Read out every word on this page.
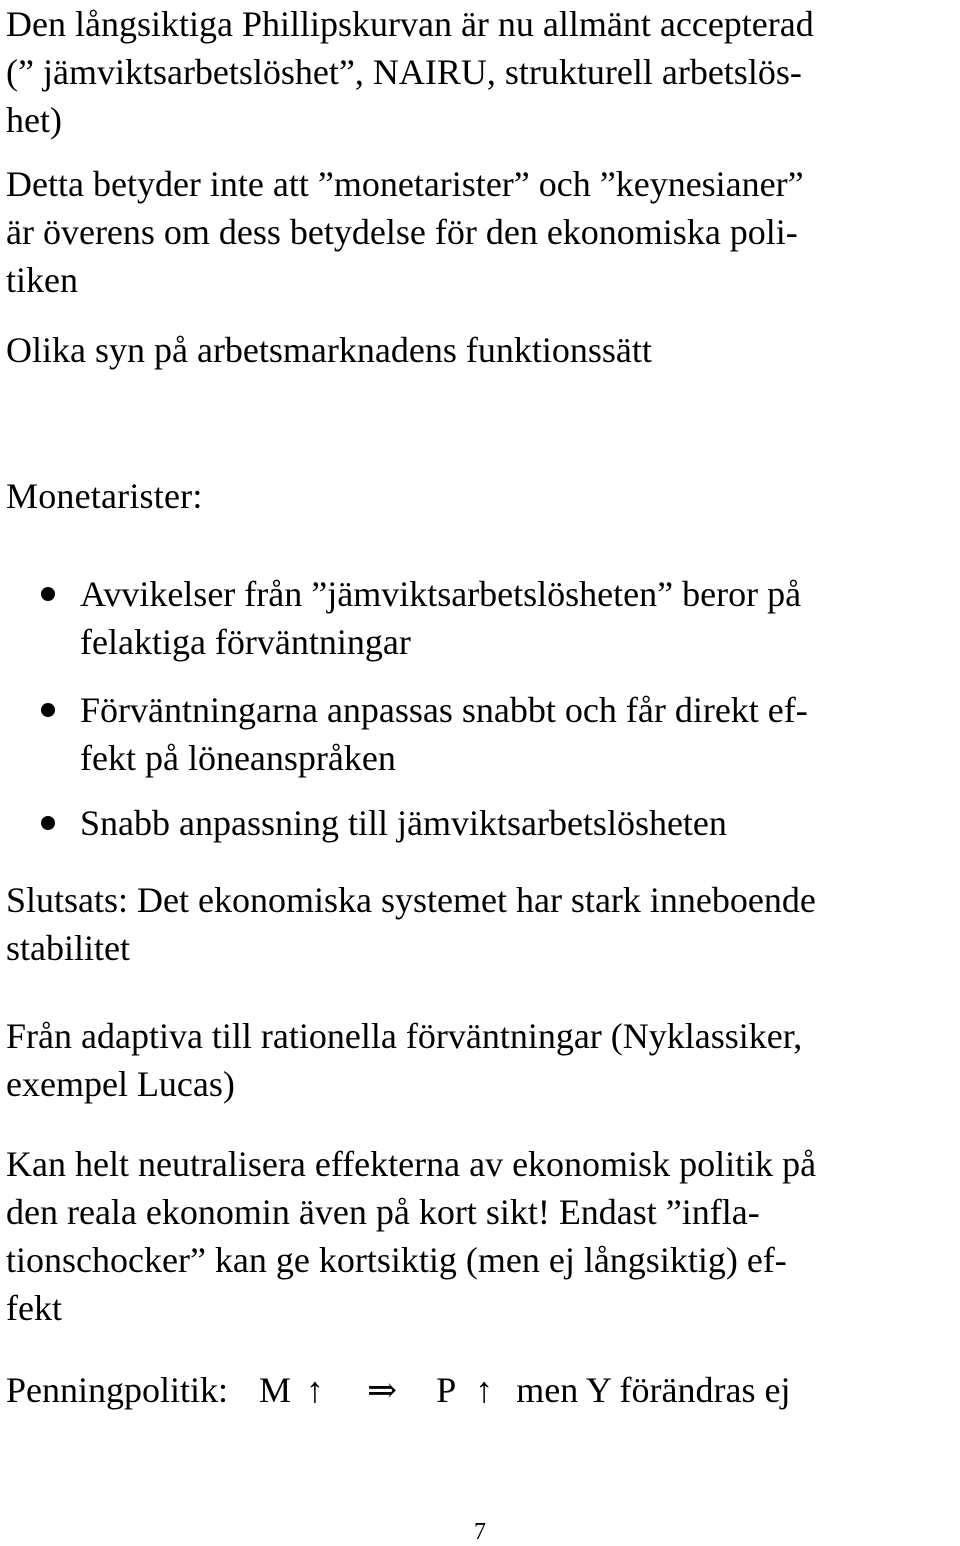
Den långsiktiga Phillipskurvan är nu allmänt accepterad
(” jämviktsarbetslöshet”, NAIRU, strukturell arbetslös-
het)

Detta betyder inte att ”monetarister” och ”keynesianer”
är överens om dess betydelse för den ekonomiska poli-
tiken

Olika syn på arbetsmarknadens funktionssätt

Monetarister:

Avvikelser från ”jämviktsarbetslösheten” beror på
felaktiga förväntningar
Förväntningarna anpassas snabbt och får direkt ef-
fekt på löneanspråken
Snabb anpassning till jämviktsarbetslösheten

Slutsats: Det ekonomiska systemet har stark inneboende
stabilitet

Från adaptiva till rationella förväntningar (Nyklassiker,
exempel Lucas)

Kan helt neutralisera effekterna av ekonomisk politik på
den reala ekonomin även på kort sikt! Endast ”infla-
tionschocker” kan ge kortsiktig (men ej långsiktig) ef-
fekt

Penningpolitik: M ↑ ⇒ P ↑ men Y förändras ej
7
